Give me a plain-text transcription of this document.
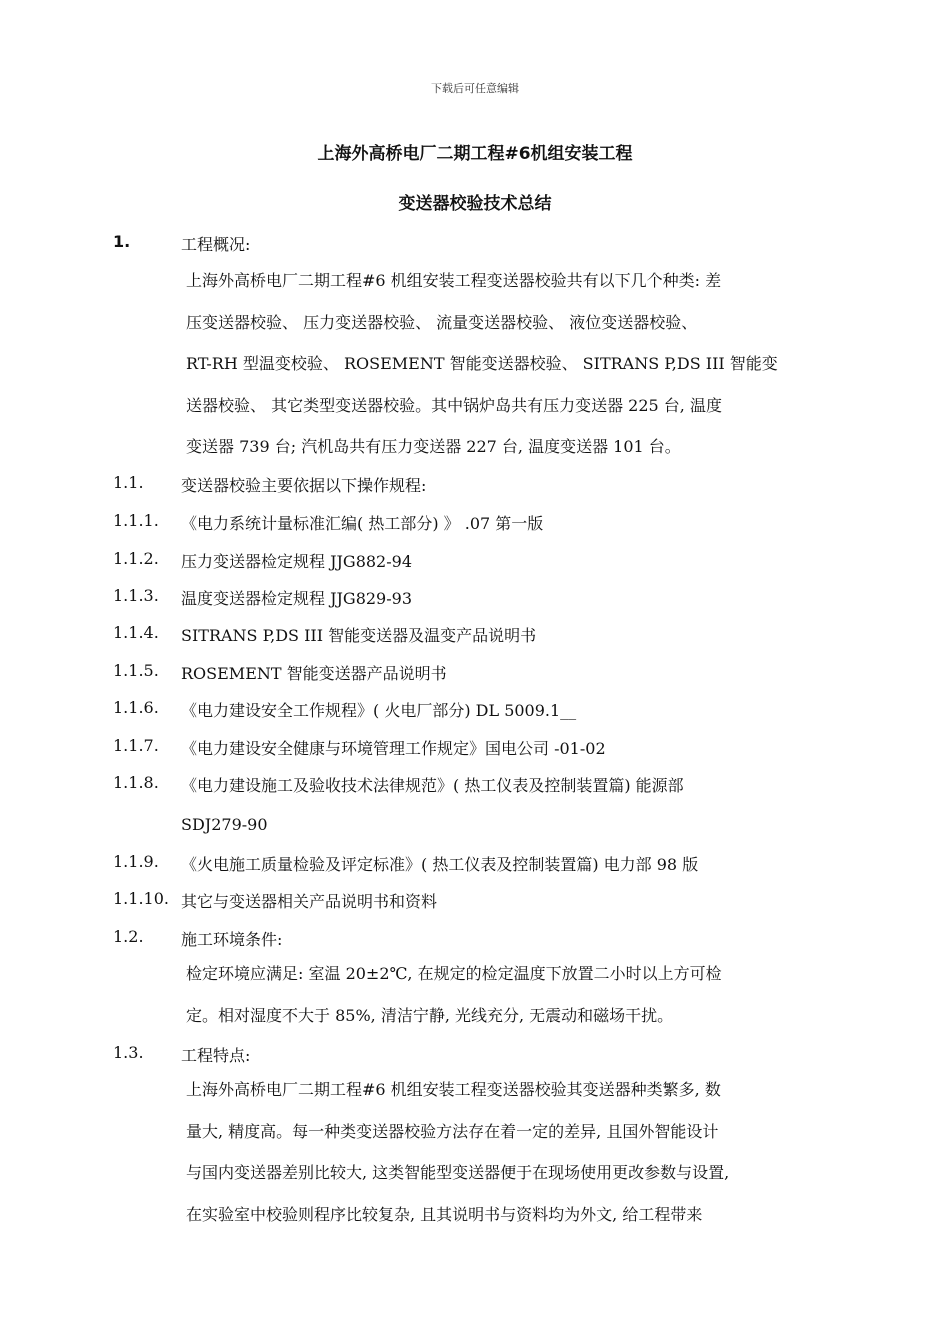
下载后可任意编辑
上海外高桥电厂二期工程#6机组安装工程
变送器校验技术总结
1.	工程概况:
上海外高桥电厂二期工程#6 机组安装工程变送器校验共有以下几个种类: 差
压变送器校验、 压力变送器校验、 流量变送器校验、 液位变送器校验、
RT-RH 型温变校验、 ROSEMENT 智能变送器校验、 SITRANS P,DS III 智能变
送器校验、 其它类型变送器校验。其中锅炉岛共有压力变送器 225 台, 温度
变送器 739 台; 汽机岛共有压力变送器 227 台, 温度变送器 101 台。
1.1. 变送器校验主要依据以下操作规程:
1.1.1. 《电力系统计量标准汇编( 热工部分) 》 .07 第一版
1.1.2. 压力变送器检定规程 JJG882-94
1.1.3. 温度变送器检定规程 JJG829-93
1.1.4. SITRANS P,DS III 智能变送器及温变产品说明书
1.1.5. ROSEMENT 智能变送器产品说明书
1.1.6. 《电力建设安全工作规程》( 火电厂部分) DL 5009.1__
1.1.7. 《电力建设安全健康与环境管理工作规定》国电公司 -01-02
1.1.8. 《电力建设施工及验收技术法律规范》( 热工仪表及控制装置篇) 能源部
SDJ279-90
1.1.9. 《火电施工质量检验及评定标准》( 热工仪表及控制装置篇) 电力部 98 版
1.1.10. 其它与变送器相关产品说明书和资料
1.2. 施工环境条件:
检定环境应满足: 室温 20±2℃, 在规定的检定温度下放置二小时以上方可检
定。相对湿度不大于 85%, 清洁宁静, 光线充分, 无震动和磁场干扰。
1.3. 工程特点:
上海外高桥电厂二期工程#6 机组安装工程变送器校验其变送器种类繁多, 数
量大, 精度高。每一种类变送器校验方法存在着一定的差异, 且国外智能设计
与国内变送器差别比较大, 这类智能型变送器便于在现场使用更改参数与设置,
在实验室中校验则程序比较复杂, 且其说明书与资料均为外文, 给工程带来
